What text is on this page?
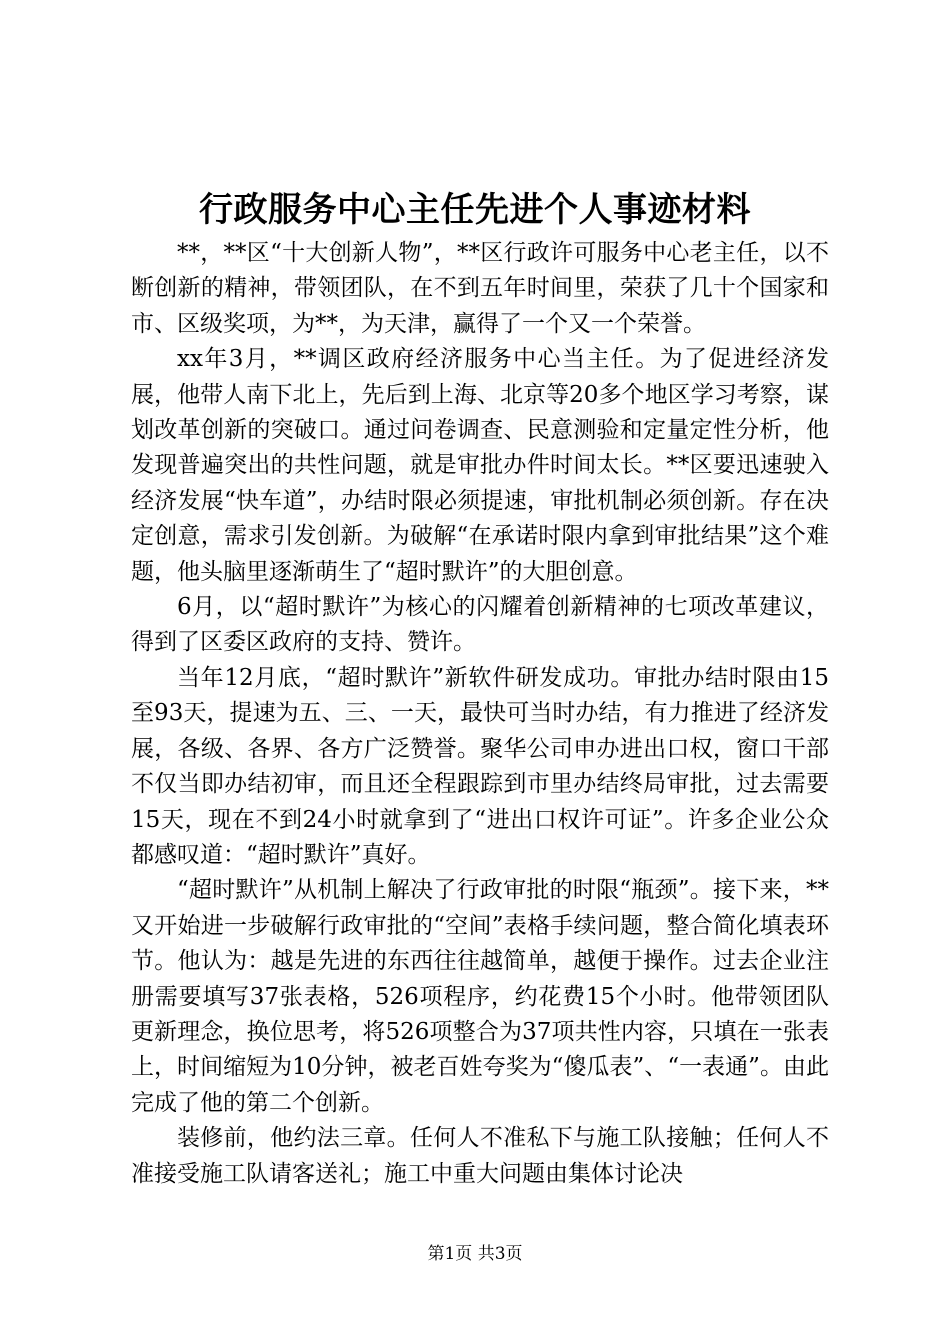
行政服务中心主任先进个人事迹材料

**，**区“十大创新人物”，**区行政许可服务中心老主任，以不断创新的精神，带领团队，在不到五年时间里，荣获了几十个国家和市、区级奖项，为**，为天津，赢得了一个又一个荣誉。

xx年3月，**调区政府经济服务中心当主任。为了促进经济发展，他带人南下北上，先后到上海、北京等20多个地区学习考察，谋划改革创新的突破口。通过问卷调查、民意测验和定量定性分析，他发现普遍突出的共性问题，就是审批办件时间太长。**区要迅速驶入经济发展“快车道”，办结时限必须提速，审批机制必须创新。存在决定创意，需求引发创新。为破解“在承诺时限内拿到审批结果”这个难题，他头脑里逐渐萌生了“超时默许”的大胆创意。

6月，以“超时默许”为核心的闪耀着创新精神的七项改革建议，得到了区委区政府的支持、赞许。

当年12月底，“超时默许”新软件研发成功。审批办结时限由15至93天，提速为五、三、一天，最快可当时办结，有力推进了经济发展，各级、各界、各方广泛赞誉。聚华公司申办进出口权，窗口干部不仅当即办结初审，而且还全程跟踪到市里办结终局审批，过去需要15天，现在不到24小时就拿到了“进出口权许可证”。许多企业公众都感叹道：“超时默许”真好。

“超时默许”从机制上解决了行政审批的时限“瓶颈”。接下来，**又开始进一步破解行政审批的“空间”表格手续问题，整合简化填表环节。他认为：越是先进的东西往往越简单，越便于操作。过去企业注册需要填写37张表格，526项程序，约花费15个小时。他带领团队更新理念，换位思考，将526项整合为37项共性内容，只填在一张表上，时间缩短为10分钟，被老百姓夸奖为“傻瓜表”、“一表通”。由此完成了他的第二个创新。

装修前，他约法三章。任何人不准私下与施工队接触；任何人不准接受施工队请客送礼；施工中重大问题由集体讨论决

第1页 共3页
